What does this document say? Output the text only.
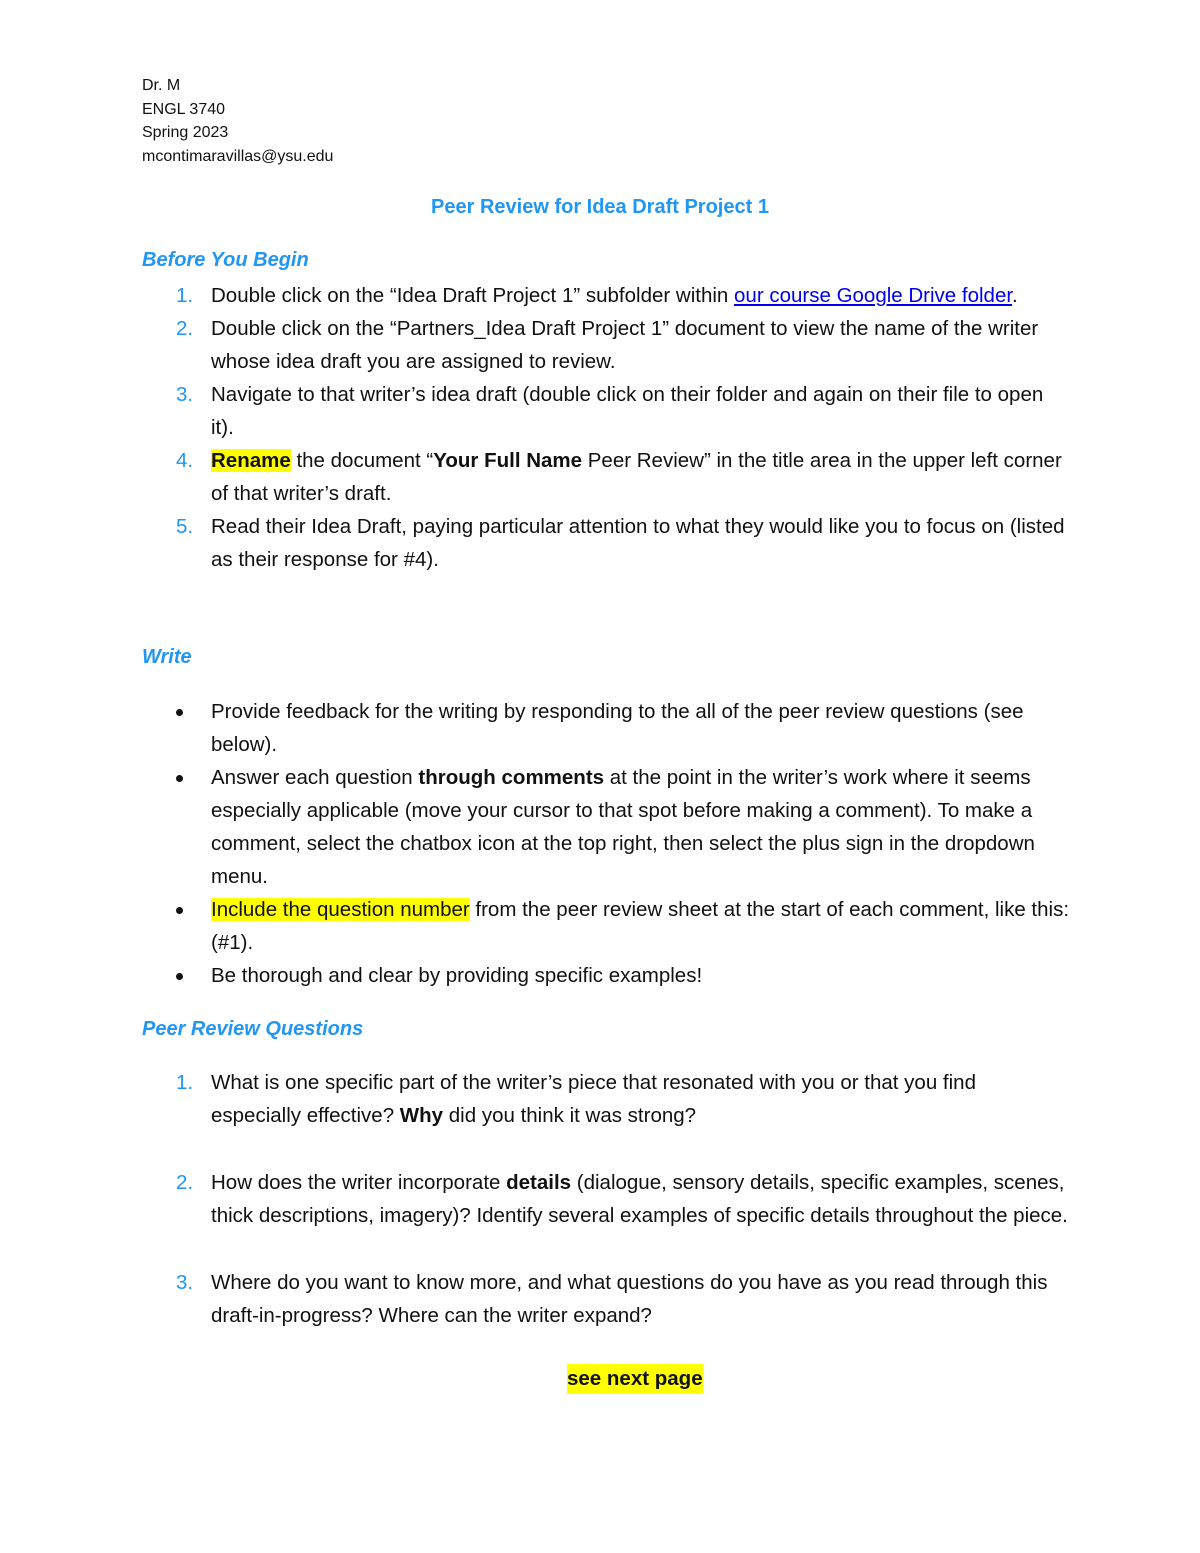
Dr. M
ENGL 3740
Spring 2023
mcontimaravillas@ysu.edu
Peer Review for Idea Draft Project 1
Before You Begin
1. Double click on the “Idea Draft Project 1” subfolder within our course Google Drive folder.
2. Double click on the “Partners_Idea Draft Project 1” document to view the name of the writer whose idea draft you are assigned to review.
3. Navigate to that writer’s idea draft (double click on their folder and again on their file to open it).
4. Rename the document “Your Full Name Peer Review” in the title area in the upper left corner of that writer’s draft.
5. Read their Idea Draft, paying particular attention to what they would like you to focus on (listed as their response for #4).
Write
Provide feedback for the writing by responding to the all of the peer review questions (see below).
Answer each question through comments at the point in the writer’s work where it seems especially applicable (move your cursor to that spot before making a comment). To make a comment, select the chatbox icon at the top right, then select the plus sign in the dropdown menu.
Include the question number from the peer review sheet at the start of each comment, like this: (#1).
Be thorough and clear by providing specific examples!
Peer Review Questions
1. What is one specific part of the writer’s piece that resonated with you or that you find especially effective? Why did you think it was strong?
2. How does the writer incorporate details (dialogue, sensory details, specific examples, scenes, thick descriptions, imagery)? Identify several examples of specific details throughout the piece.
3. Where do you want to know more, and what questions do you have as you read through this draft-in-progress? Where can the writer expand?
see next page
